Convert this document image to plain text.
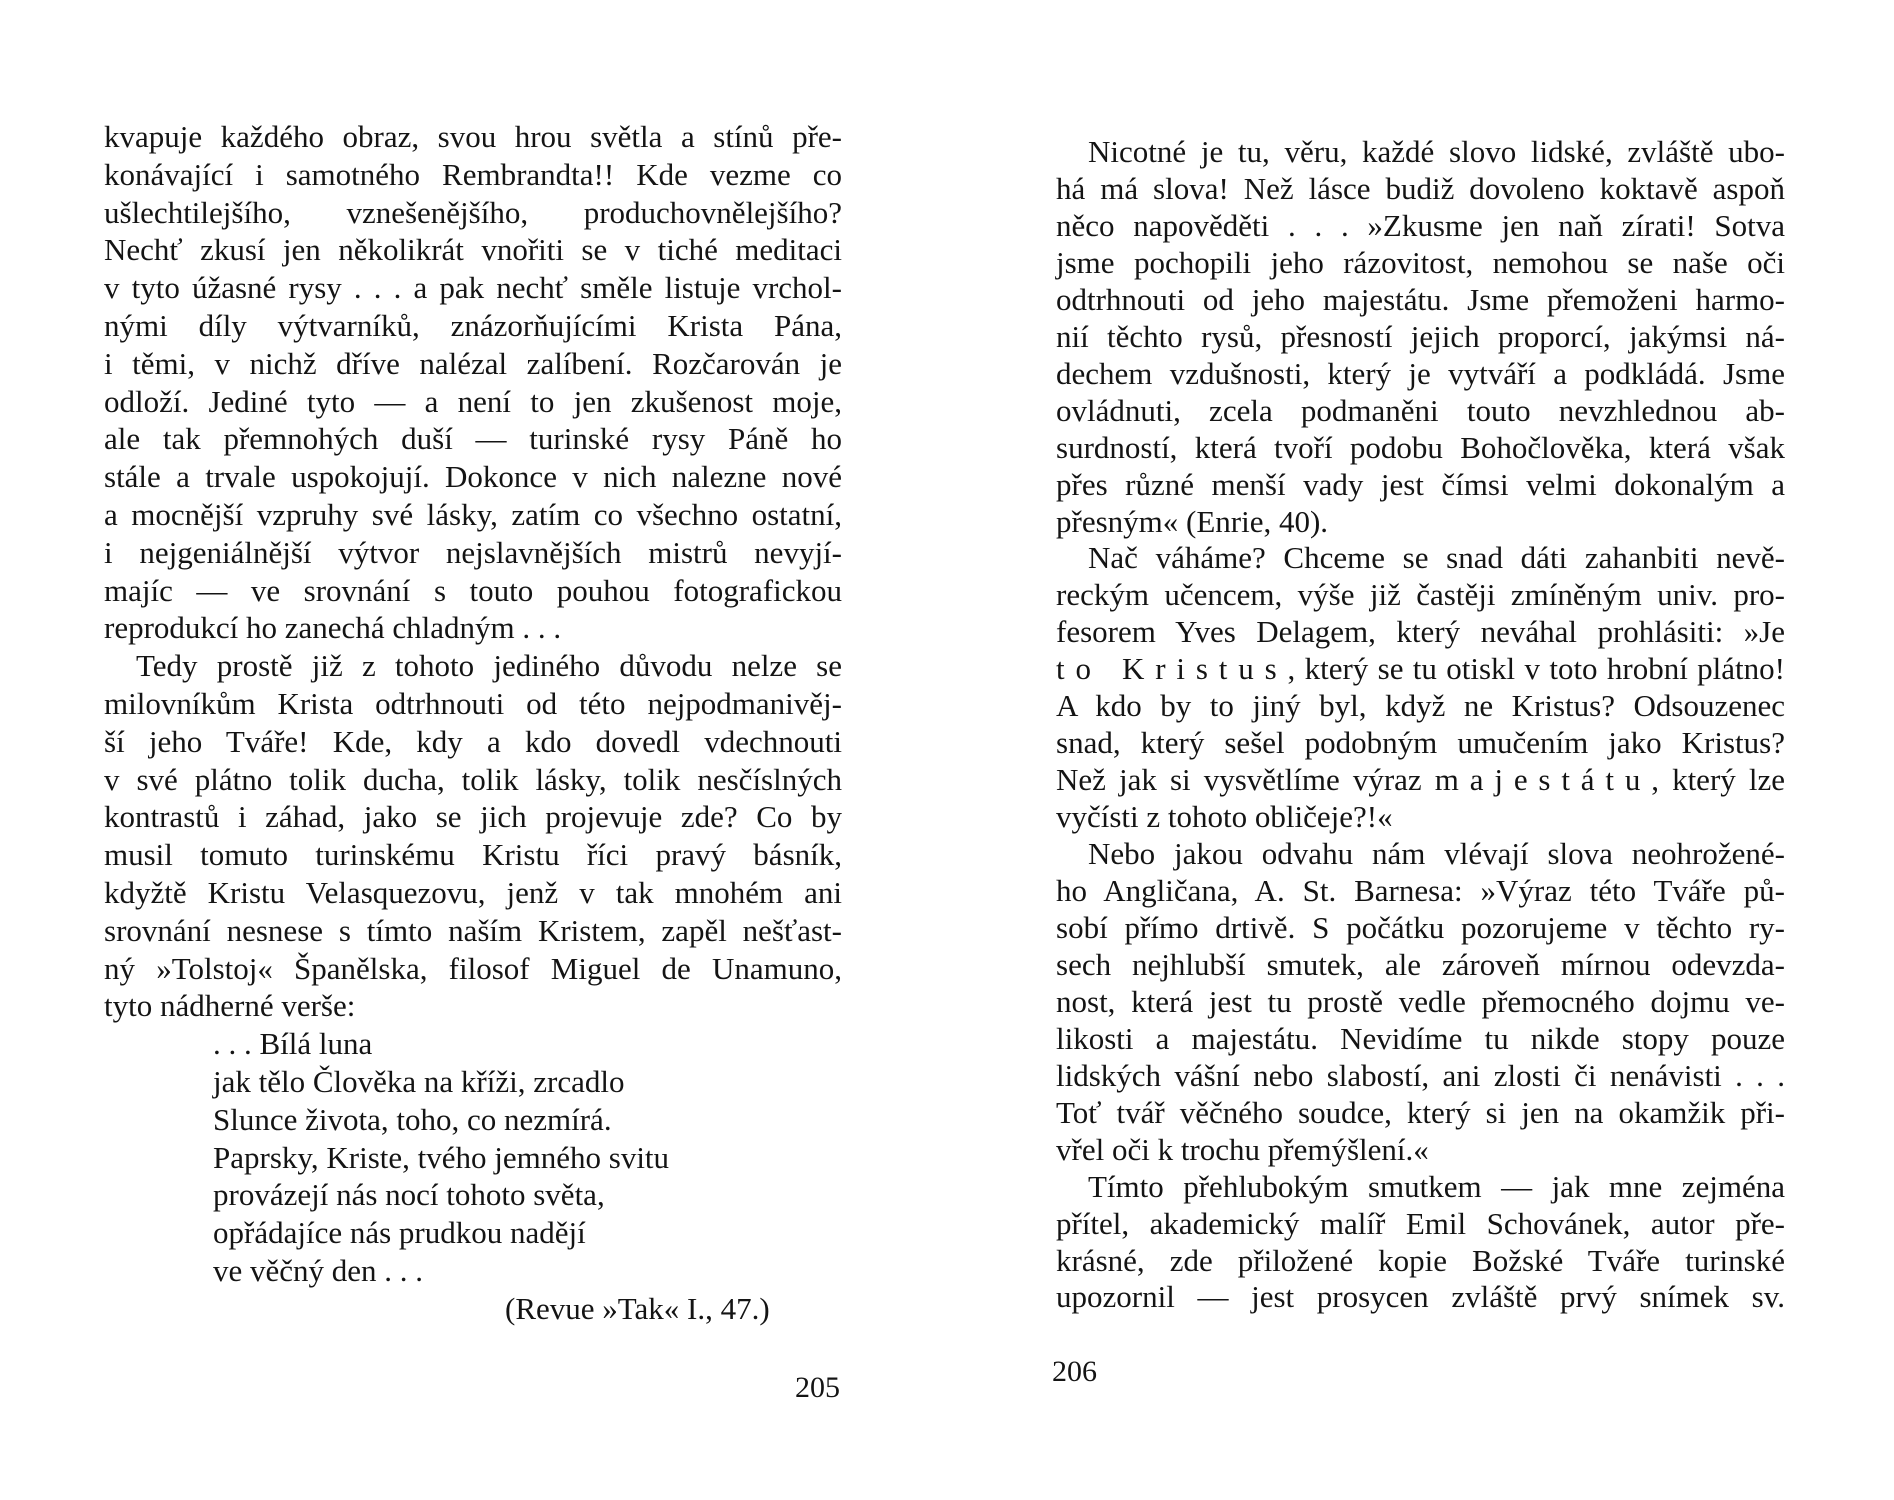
kvapuje každého obraz, svou hrou světla a stínů pře-
konávající i samotného Rembrandta!! Kde vezme co
ušlechtilejšího, vznešenějšího, produchovnělejšího?
Nechť zkusí jen několikrát vnořiti se v tiché meditaci
v tyto úžasné rysy . . . a pak nechť směle listuje vrchol-
nými díly výtvarníků, znázorňujícími Krista Pána,
i těmi, v nichž dříve nalézal zalíbení. Rozčarován je
odloží. Jediné tyto — a není to jen zkušenost moje,
ale tak přemnohých duší — turinské rysy Páně ho
stále a trvale uspokojují. Dokonce v nich nalezne nové
a mocnější vzpruhy své lásky, zatím co všechno ostatní,
i nejgeniálnější výtvor nejslavnějších mistrů nevyjí-
majíc — ve srovnání s touto pouhou fotografickou
reprodukcí ho zanechá chladným . . .
Tedy prostě již z tohoto jediného důvodu nelze se
milovníkům Krista odtrhnouti od této nejpodmanivěj-
ší jeho Tváře! Kde, kdy a kdo dovedl vdechnouti
v své plátno tolik ducha, tolik lásky, tolik nesčíslných
kontrastů i záhad, jako se jich projevuje zde? Co by
musil tomuto turinskému Kristu říci pravý básník,
kdyžtě Kristu Velasquezovu, jenž v tak mnohém ani
srovnání nesnese s tímto naším Kristem, zapěl nešťast-
ný »Tolstoj« Španělska, filosof Miguel de Unamuno,
tyto nádherné verše:
. . . Bílá luna
jak tělo Člověka na kříži, zrcadlo
Slunce života, toho, co nezmírá.
Paprsky, Kriste, tvého jemného svitu
provázejí nás nocí tohoto světa,
opřádajíce nás prudkou nadějí
ve věčný den . . .
(Revue »Tak« I., 47.)
205
Nicotné je tu, věru, každé slovo lidské, zvláště ubo-
há má slova! Než lásce budiž dovoleno koktavě aspoň
něco napověděti . . . »Zkusme jen naň zírati! Sotva
jsme pochopili jeho rázovitost, nemohou se naše oči
odtrhnouti od jeho majestátu. Jsme přemoženi harmo-
nií těchto rysů, přesností jejich proporcí, jakýmsi ná-
dechem vzdušnosti, který je vytváří a podkládá. Jsme
ovládnuti, zcela podmaněni touto nevzhlednou ab-
surdností, která tvoří podobu Bohočlověka, která však
přes různé menší vady jest čímsi velmi dokonalým a
přesným« (Enrie, 40).
Nač váháme? Chceme se snad dáti zahanbiti nevě-
reckým učencem, výše již častěji zmíněným univ. pro-
fesorem Yves Delagem, který neváhal prohlásiti: »Je
to Kristus, který se tu otiskl v toto hrobní plátno!
A kdo by to jiný byl, když ne Kristus? Odsouzenec
snad, který sešel podobným umučením jako Kristus?
Než jak si vysvětlíme výraz majestátu, který lze
vyčísti z tohoto obličeje?!«
Nebo jakou odvahu nám vlévají slova neohrožené-
ho Angličana, A. St. Barnesa: »Výraz této Tváře pů-
sobí přímo drtivě. S počátku pozorujeme v těchto ry-
sech nejhlubší smutek, ale zároveň mírnou odevzda-
nost, která jest tu prostě vedle přemocného dojmu ve-
likosti a majestátu. Nevidíme tu nikde stopy pouze
lidských vášní nebo slabostí, ani zlosti či nenávisti . . .
Toť tvář věčného soudce, který si jen na okamžik při-
vřel oči k trochu přemýšlení.«
Tímto přehlubokým smutkem — jak mne zejména
přítel, akademický malíř Emil Schovánek, autor pře-
krásné, zde přiložené kopie Božské Tváře turinské
upozornil — jest prosycen zvláště prvý snímek sv.
206
